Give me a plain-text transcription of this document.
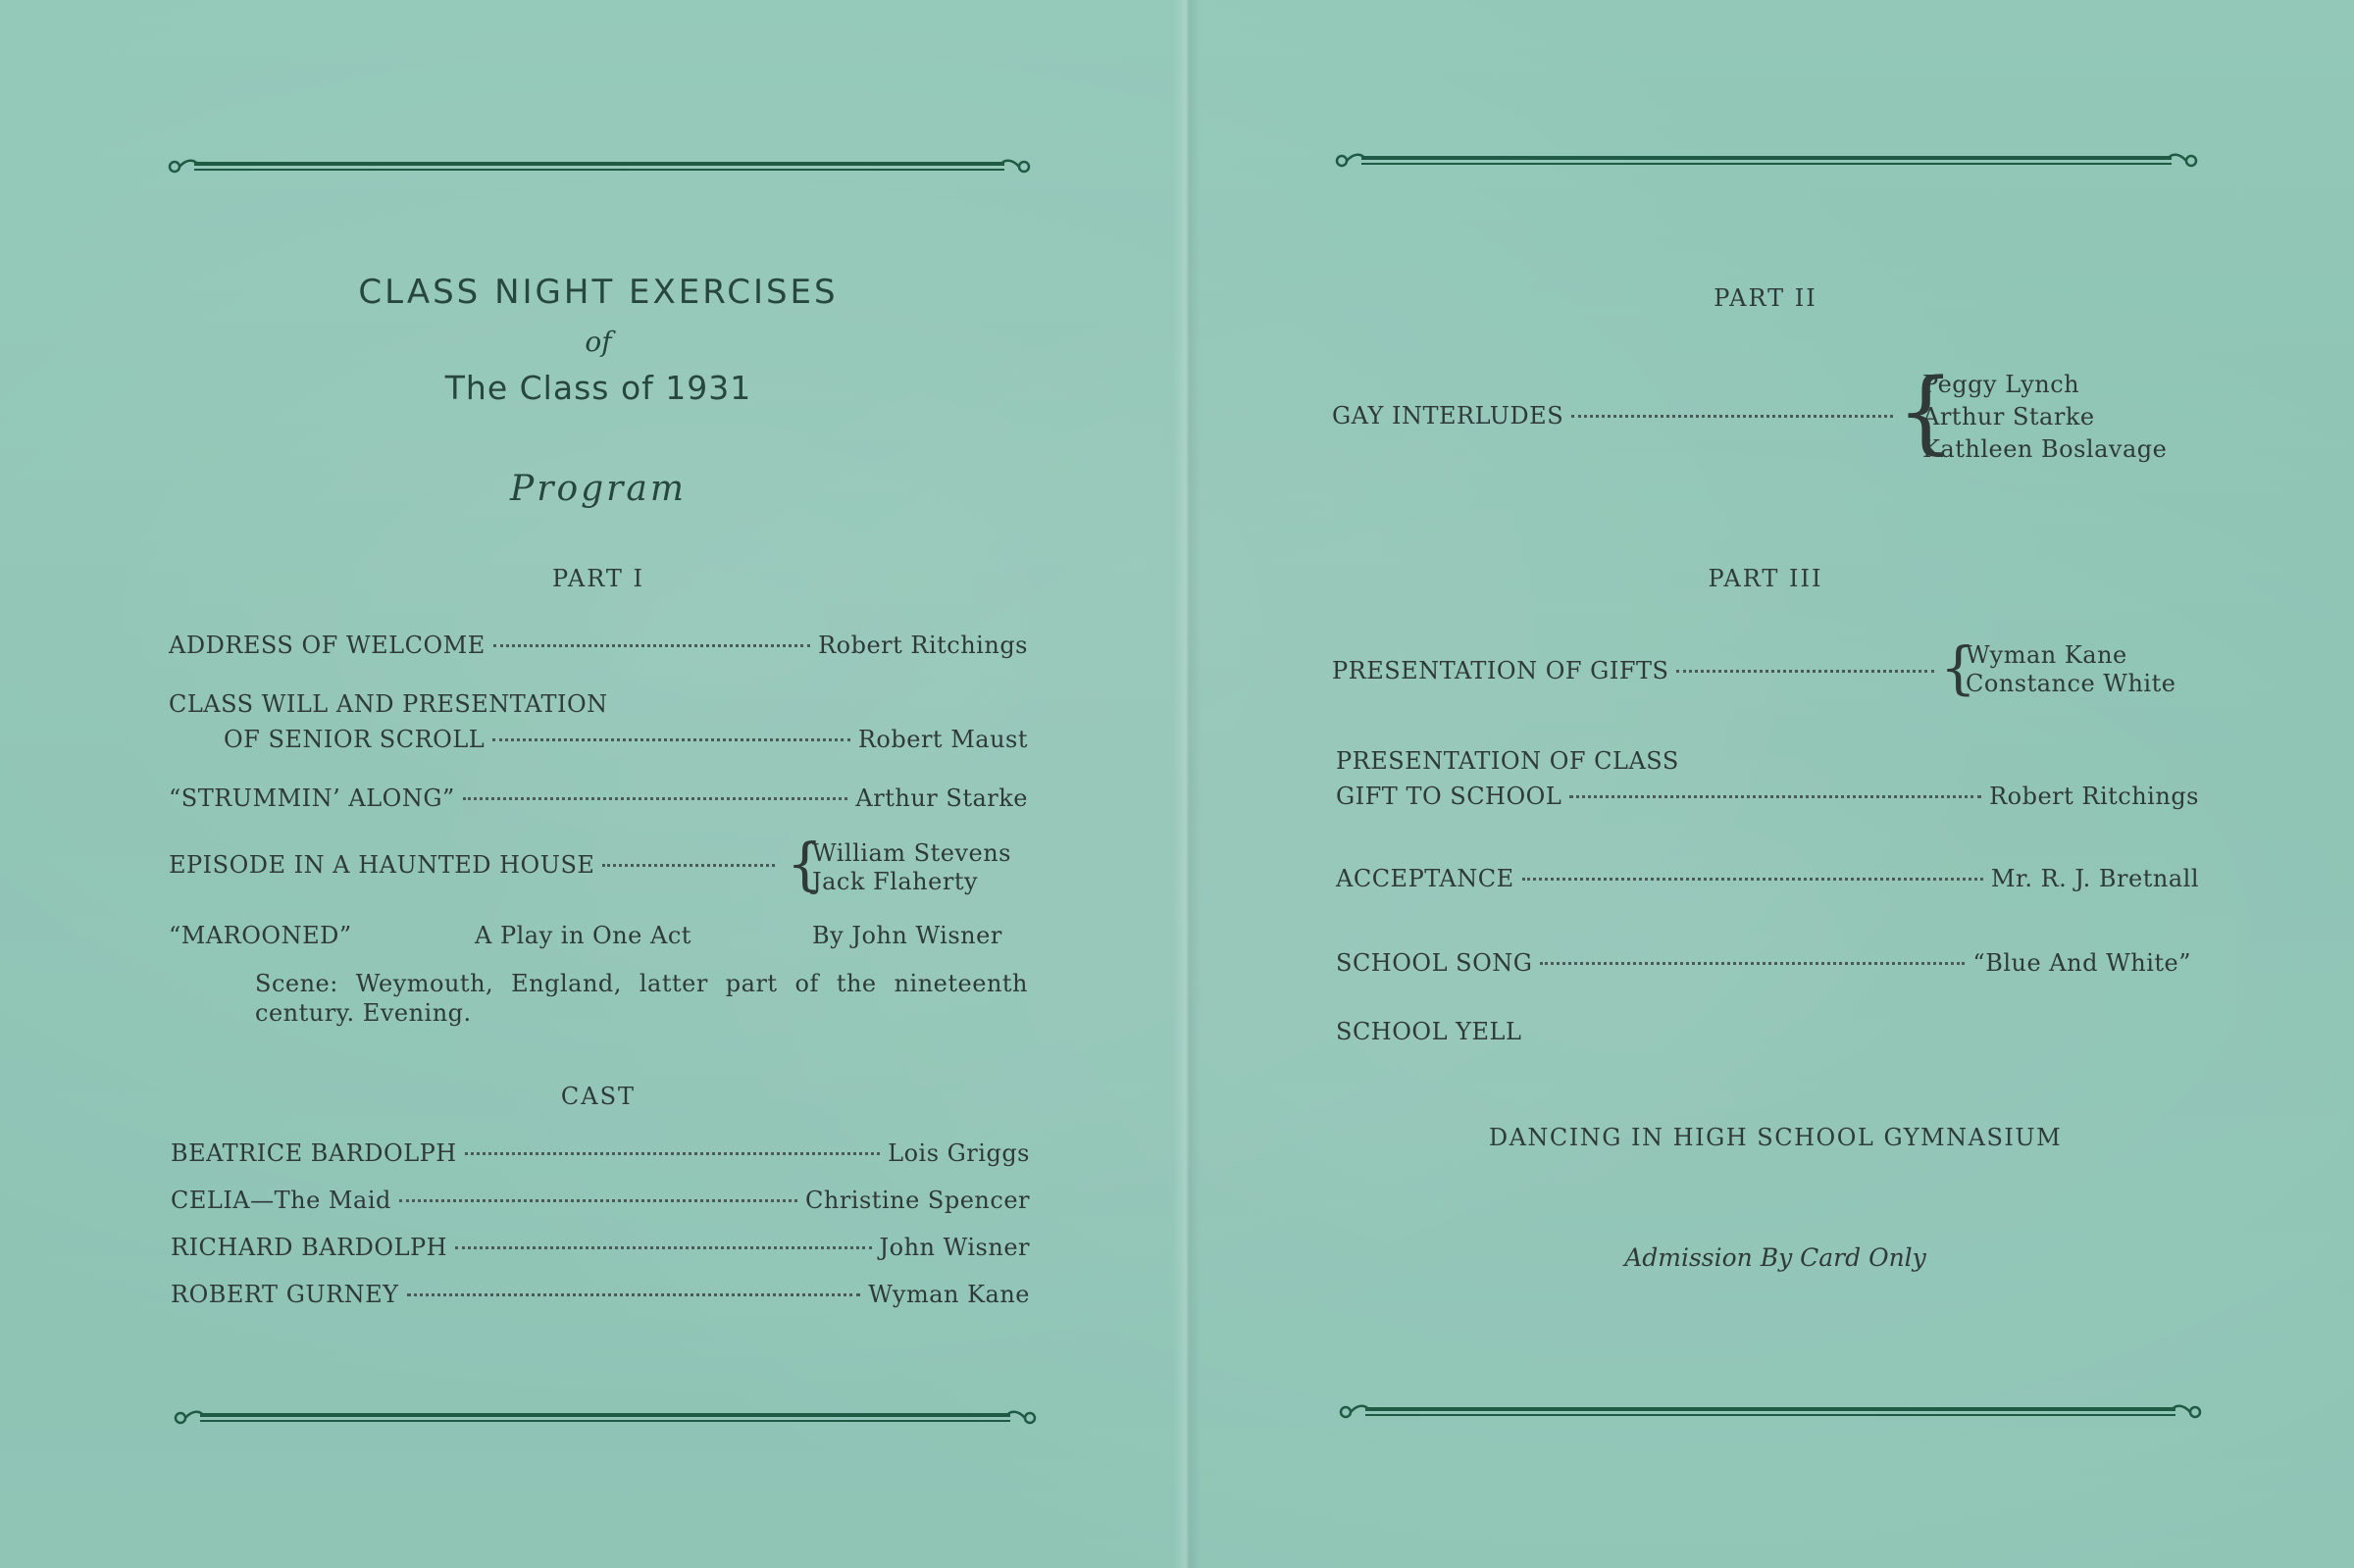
CLASS NIGHT EXERCISES
of
The Class of 1931
Program
PART I
ADDRESS OF WELCOME	Robert Ritchings
CLASS WILL AND PRESENTATION
OF SENIOR SCROLL	Robert Maust
“STRUMMIN’ ALONG”	Arthur Starke
EPISODE IN A HAUNTED HOUSE	{
William Stevens
Jack Flaherty
“MAROONED”	A Play in One Act	By John Wisner
Scene: Weymouth, England, latter part of the nineteenth century. Evening.
CAST
BEATRICE BARDOLPH	Lois Griggs
CELIA—The Maid	Christine Spencer
RICHARD BARDOLPH	John Wisner
ROBERT GURNEY	Wyman Kane
PART II
GAY INTERLUDES	{
Peggy Lynch
Arthur Starke
Kathleen Boslavage
PART III
PRESENTATION OF GIFTS	{
Wyman Kane
Constance White
PRESENTATION OF CLASS
GIFT TO SCHOOL	Robert Ritchings
ACCEPTANCE	Mr. R. J. Bretnall
SCHOOL SONG	“Blue And White”
SCHOOL YELL
DANCING IN HIGH SCHOOL GYMNASIUM
Admission By Card Only
